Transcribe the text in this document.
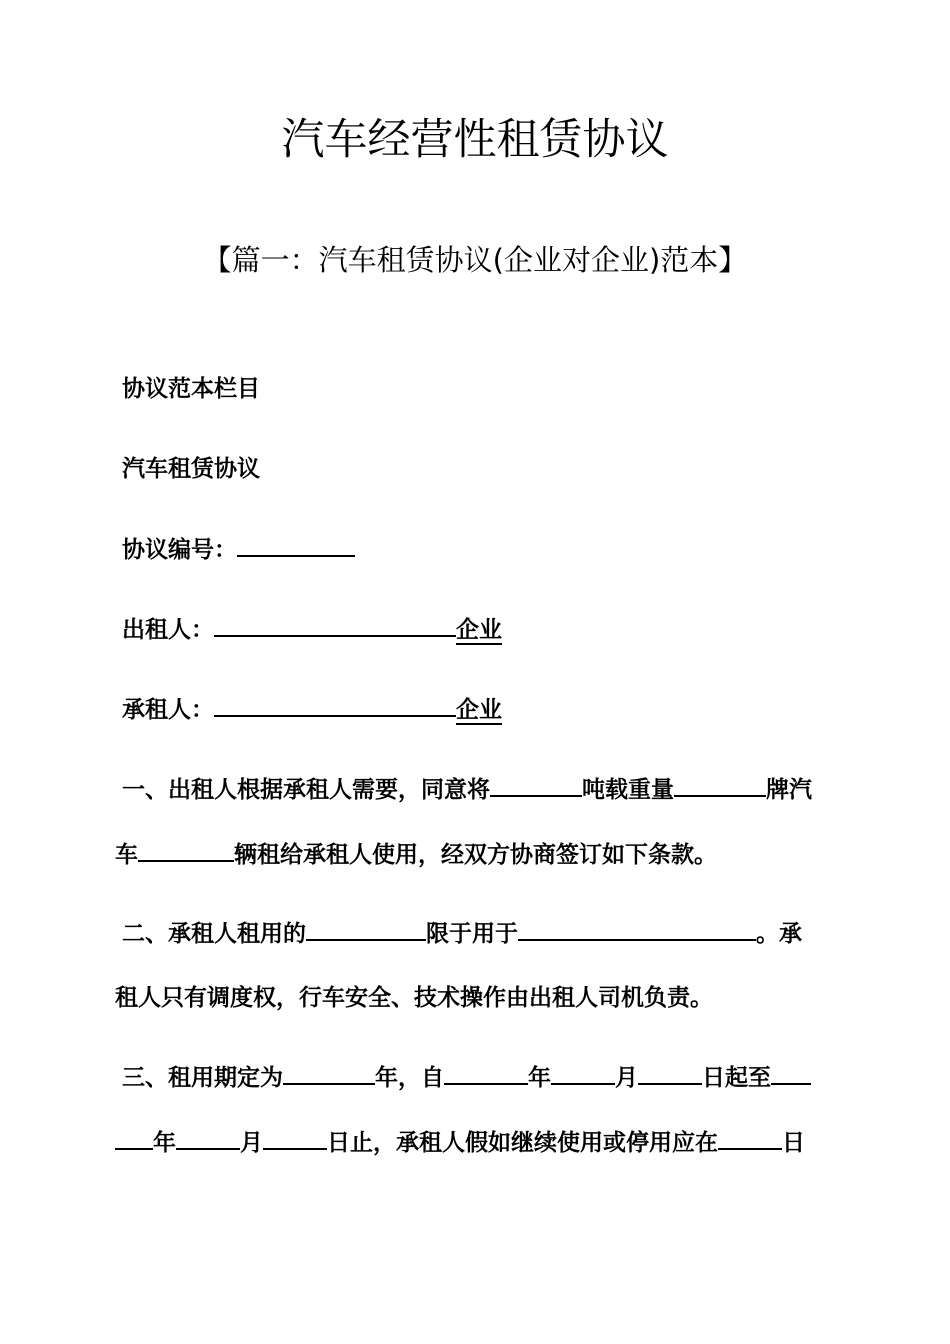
汽车经营性租赁协议
【篇一：汽车租赁协议(企业对企业)范本】

协议范本栏目

汽车租赁协议

协议编号：

出租人：	企业

承租人：	企业

一、出租人根据承租人需要，同意将	吨载重量	牌汽

车	辆租给承租人使用，经双方协商签订如下条款。

二、承租人租用的	限于用于	。承

租人只有调度权，行车安全、技术操作由出租人司机负责。

三、租用期定为	年，自	年	月	日起至

年	月	日止，承租人假如继续使用或停用应在	日
